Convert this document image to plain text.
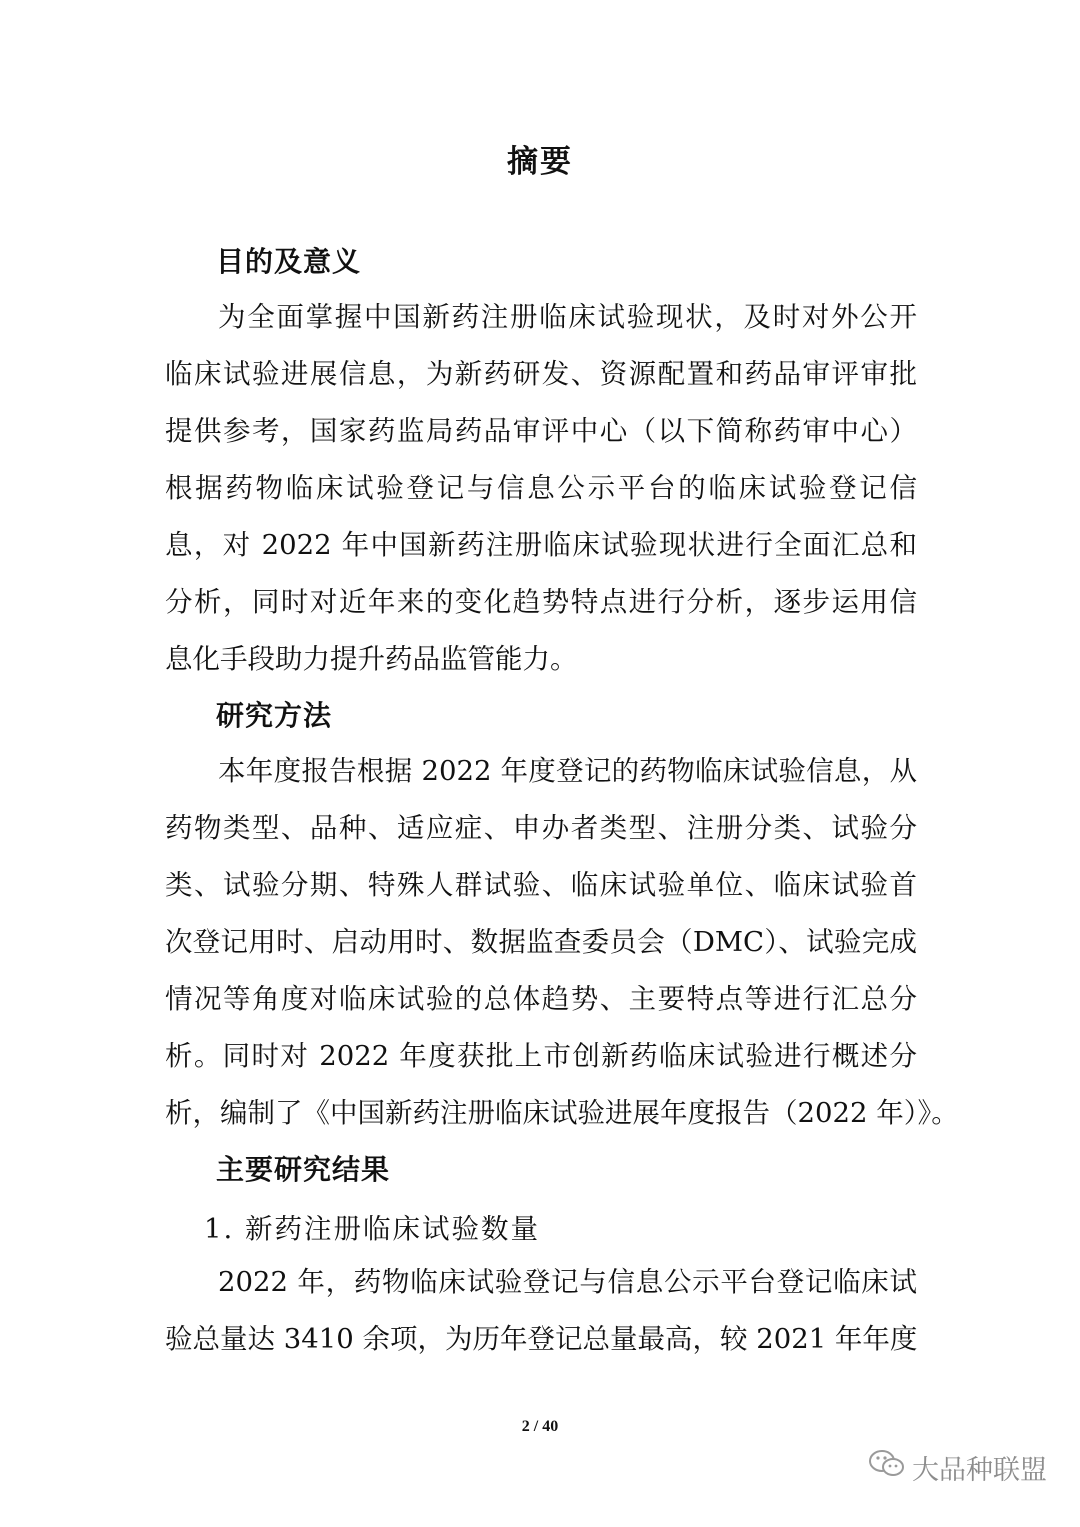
摘要
目的及意义
为全面掌握中国新药注册临床试验现状，及时对外公开
临床试验进展信息，为新药研发、资源配置和药品审评审批
提供参考，国家药监局药品审评中心（以下简称药审中心）
根据药物临床试验登记与信息公示平台的临床试验登记信
息，对 2022 年中国新药注册临床试验现状进行全面汇总和
分析，同时对近年来的变化趋势特点进行分析，逐步运用信
息化手段助力提升药品监管能力。
研究方法
本年度报告根据 2022 年度登记的药物临床试验信息，从
药物类型、品种、适应症、申办者类型、注册分类、试验分
类、试验分期、特殊人群试验、临床试验单位、临床试验首
次登记用时、启动用时、数据监查委员会（DMC）、试验完成
情况等角度对临床试验的总体趋势、主要特点等进行汇总分
析。同时对 2022 年度获批上市创新药临床试验进行概述分
析，编制了《中国新药注册临床试验进展年度报告（2022 年）》。
主要研究结果
1. 新药注册临床试验数量
2022 年，药物临床试验登记与信息公示平台登记临床试
验总量达 3410 余项，为历年登记总量最高，较 2021 年年度
2 / 40
大品种联盟
